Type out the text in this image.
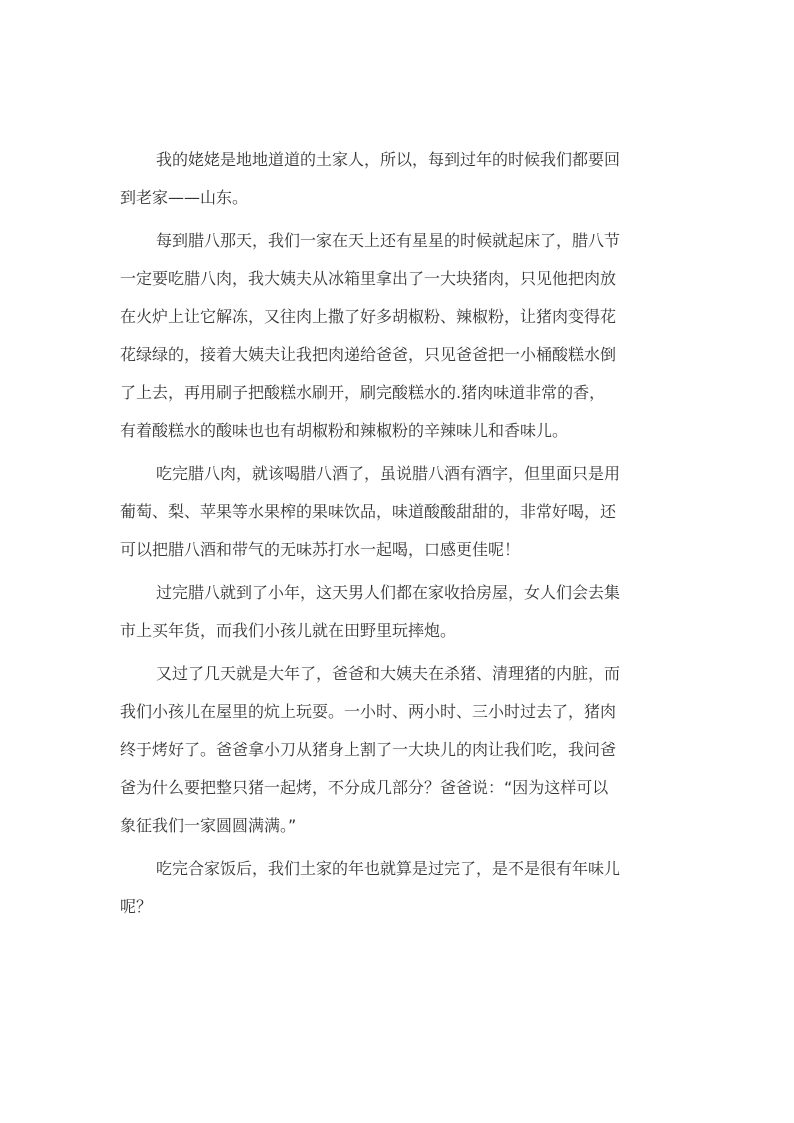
我的姥姥是地地道道的土家人，所以，每到过年的时候我们都要回
到老家——山东。

每到腊八那天，我们一家在天上还有星星的时候就起床了，腊八节
一定要吃腊八肉，我大姨夫从冰箱里拿出了一大块猪肉，只见他把肉放
在火炉上让它解冻，又往肉上撒了好多胡椒粉、辣椒粉，让猪肉变得花
花绿绿的，接着大姨夫让我把肉递给爸爸，只见爸爸把一小桶酸糕水倒
了上去，再用刷子把酸糕水刷开，刷完酸糕水的.猪肉味道非常的香，
有着酸糕水的酸味也也有胡椒粉和辣椒粉的辛辣味儿和香味儿。

吃完腊八肉，就该喝腊八酒了，虽说腊八酒有酒字，但里面只是用
葡萄、梨、苹果等水果榨的果味饮品，味道酸酸甜甜的，非常好喝，还
可以把腊八酒和带气的无味苏打水一起喝，口感更佳呢！

过完腊八就到了小年，这天男人们都在家收拾房屋，女人们会去集
市上买年货，而我们小孩儿就在田野里玩摔炮。

又过了几天就是大年了，爸爸和大姨夫在杀猪、清理猪的内脏，而
我们小孩儿在屋里的炕上玩耍。一小时、两小时、三小时过去了，猪肉
终于烤好了。爸爸拿小刀从猪身上割了一大块儿的肉让我们吃，我问爸
爸为什么要把整只猪一起烤，不分成几部分？爸爸说：“因为这样可以
象征我们一家圆圆满满。”

吃完合家饭后，我们土家的年也就算是过完了，是不是很有年味儿
呢？
